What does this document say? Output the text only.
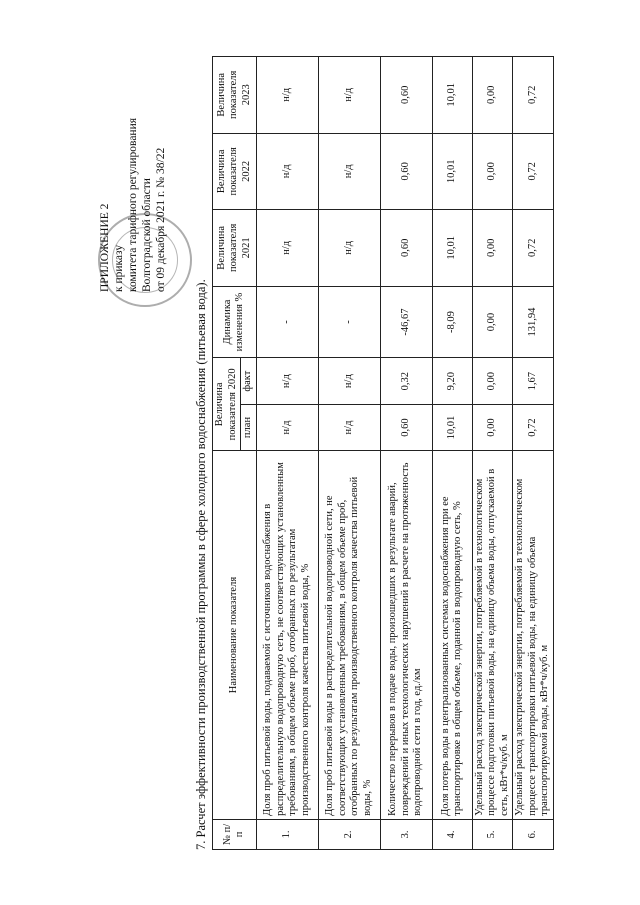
ПРИЛОЖЕНИЕ 2 к приказу комитета тарифного регулирования Волгоградской области от 09 декабря 2021 г. № 38/22
7. Расчет эффективности производственной программы в сфере холодного водоснабжения (питьевая вода). № п/п	Наименование показателя	Величина показателя 2020		Динамика изменения %	Величина показателя 2021	Величина показателя 2022	Величина показателя 2023
		план	факт				
1.	Доля проб питьевой воды, подаваемой с источников водоснабжения в распределительную водопроводную сеть, не соответствующих установленным требованиям, в общем объеме проб, отобранных по результатам производственного контроля качества питьевой воды, %	н/д	н/д	-	н/д	н/д	н/д
2.	Доля проб питьевой воды в распределительной водопроводной сети, не соответствующих установленным требованиям, в общем объеме проб, отобранных по результатам производственного контроля качества питьевой воды, %	н/д	н/д	-	н/д	н/д	н/д
3.	Количество перерывов в подаче воды, произошедших в результате аварий, повреждений и иных технологических нарушений в расчете на протяженность водопроводной сети в год, ед./км	0,60	0,32	-46,67	0,60	0,60	0,60
4.	Доля потерь воды в централизованных системах водоснабжения при ее транспортировке в общем объеме, поданной в водопроводную сеть, %	10,01	9,20	-8,09	10,01	10,01	10,01
5.	Удельный расход электрической энергии, потребляемой в технологическом процессе подготовки питьевой воды, на единицу объема воды, отпускаемой в сеть, кВт*ч/куб. м	0,00	0,00	0,00	0,00	0,00	0,00
6.	Удельный расход электрической энергии, потребляемой в технологическом процессе транспортировки питьевой воды, на единицу объема транспортируемой воды, кВт*ч/куб. м	0,72	1,67	131,94	0,72	0,72	0,72
